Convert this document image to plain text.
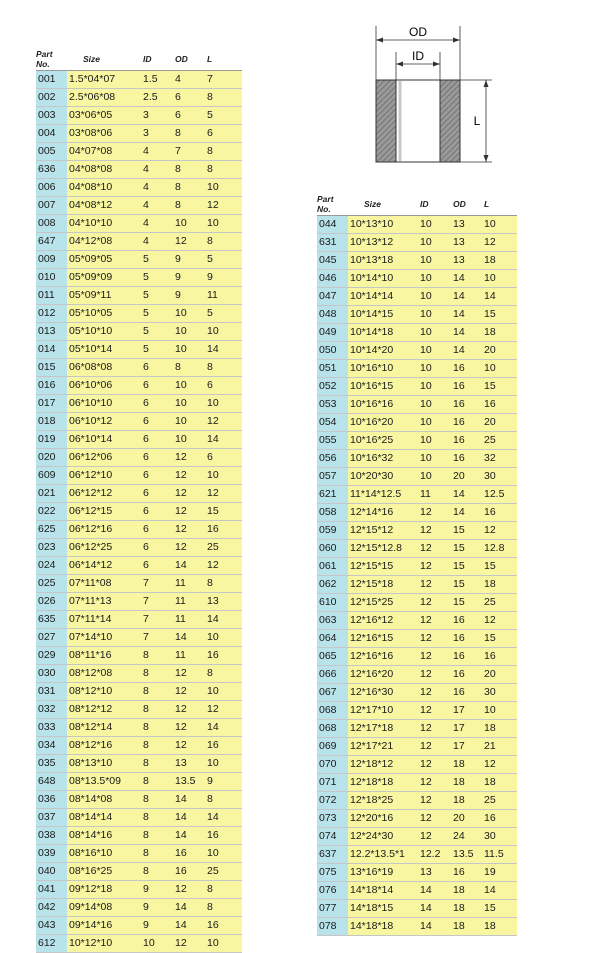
OD
ID
L
Part No.	Size	ID	OD	L
001	1.5*04*07	1.5	4	7
002	2.5*06*08	2.5	6	8
003	03*06*05	3	6	5
004	03*08*06	3	8	6
005	04*07*08	4	7	8
636	04*08*08	4	8	8
006	04*08*10	4	8	10
007	04*08*12	4	8	12
008	04*10*10	4	10	10
647	04*12*08	4	12	8
009	05*09*05	5	9	5
010	05*09*09	5	9	9
011	05*09*11	5	9	11
012	05*10*05	5	10	5
013	05*10*10	5	10	10
014	05*10*14	5	10	14
015	06*08*08	6	8	8
016	06*10*06	6	10	6
017	06*10*10	6	10	10
018	06*10*12	6	10	12
019	06*10*14	6	10	14
020	06*12*06	6	12	6
609	06*12*10	6	12	10
021	06*12*12	6	12	12
022	06*12*15	6	12	15
625	06*12*16	6	12	16
023	06*12*25	6	12	25
024	06*14*12	6	14	12
025	07*11*08	7	11	8
026	07*11*13	7	11	13
635	07*11*14	7	11	14
027	07*14*10	7	14	10
029	08*11*16	8	11	16
030	08*12*08	8	12	8
031	08*12*10	8	12	10
032	08*12*12	8	12	12
033	08*12*14	8	12	14
034	08*12*16	8	12	16
035	08*13*10	8	13	10
648	08*13.5*09	8	13.5	9
036	08*14*08	8	14	8
037	08*14*14	8	14	14
038	08*14*16	8	14	16
039	08*16*10	8	16	10
040	08*16*25	8	16	25
041	09*12*18	9	12	8
042	09*14*08	9	14	8
043	09*14*16	9	14	16
612	10*12*10	10	12	10
Part No.	Size	ID	OD	L
044	10*13*10	10	13	10
631	10*13*12	10	13	12
045	10*13*18	10	13	18
046	10*14*10	10	14	10
047	10*14*14	10	14	14
048	10*14*15	10	14	15
049	10*14*18	10	14	18
050	10*14*20	10	14	20
051	10*16*10	10	16	10
052	10*16*15	10	16	15
053	10*16*16	10	16	16
054	10*16*20	10	16	20
055	10*16*25	10	16	25
056	10*16*32	10	16	32
057	10*20*30	10	20	30
621	11*14*12.5	11	14	12.5
058	12*14*16	12	14	16
059	12*15*12	12	15	12
060	12*15*12.8	12	15	12.8
061	12*15*15	12	15	15
062	12*15*18	12	15	18
610	12*15*25	12	15	25
063	12*16*12	12	16	12
064	12*16*15	12	16	15
065	12*16*16	12	16	16
066	12*16*20	12	16	20
067	12*16*30	12	16	30
068	12*17*10	12	17	10
068	12*17*18	12	17	18
069	12*17*21	12	17	21
070	12*18*12	12	18	12
071	12*18*18	12	18	18
072	12*18*25	12	18	25
073	12*20*16	12	20	16
074	12*24*30	12	24	30
637	12.2*13.5*1	12.2	13.5	11.5
075	13*16*19	13	16	19
076	14*18*14	14	18	14
077	14*18*15	14	18	15
078	14*18*18	14	18	18
